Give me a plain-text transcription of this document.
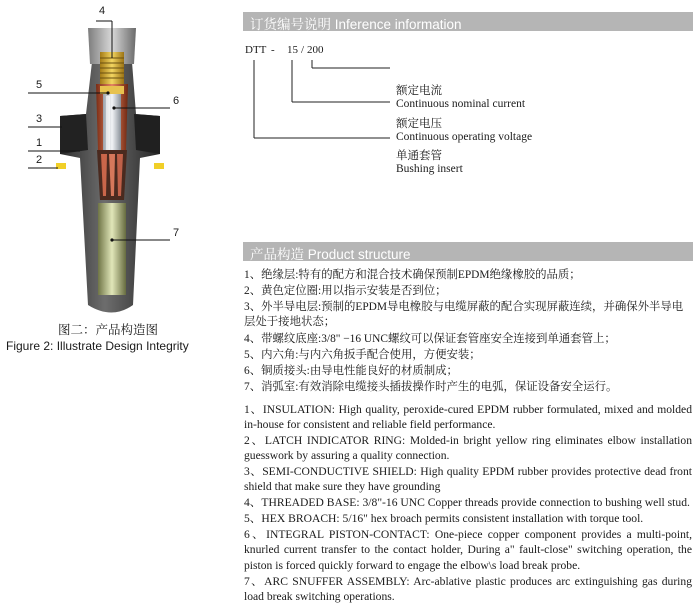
4
5
6
3
1
2
7
图二：产品构造图
Figure 2: Illustrate Design Integrity
订货编号说明 Inference information
DTT - 15 / 200
额定电流
Continuous nominal current
额定电压
Continuous operating voltage
单通套管
Bushing insert
产品构造 Product structure
1、绝缘层:特有的配方和混合技术确保预制EPDM绝缘橡胶的品质；
2、黄色定位圈:用以指示安装是否到位；
3、外半导电层:预制的EPDM导电橡胶与电缆屏蔽的配合实现屏蔽连续，并确保外半导电层处于接地状态；
4、带螺纹底座:3/8" −16 UNC螺纹可以保证套管座安全连接到单通套管上；
5、内六角:与内六角扳手配合使用，方便安装；
6、铜质接头:由导电性能良好的材质制成；
7、消弧室:有效消除电缆接头插拔操作时产生的电弧，保证设备安全运行。
1、INSULATION: High quality, peroxide-cured EPDM rubber formulated, mixed and molded in-house for consistent and reliable field performance.
2、LATCH INDICATOR RING: Molded-in bright yellow ring eliminates elbow installation guesswork by assuring a quality connection.
3、SEMI-CONDUCTIVE SHIELD: High quality EPDM rubber provides protective dead front shield that make sure they have grounding
4、THREADED BASE: 3/8"-16 UNC Copper threads provide connection to bushing well stud.
5、HEX BROACH: 5/16" hex broach permits consistent installation with torque tool.
6、INTEGRAL PISTON-CONTACT: One-piece copper component provides a multi-point, knurled current transfer to the contact holder, During a" fault-close" switching operation, the piston is forced quickly forward to engage the elbow\s load break probe.
7、ARC SNUFFER ASSEMBLY: Arc-ablative plastic produces arc extinguishing gas during load break switching operations.
